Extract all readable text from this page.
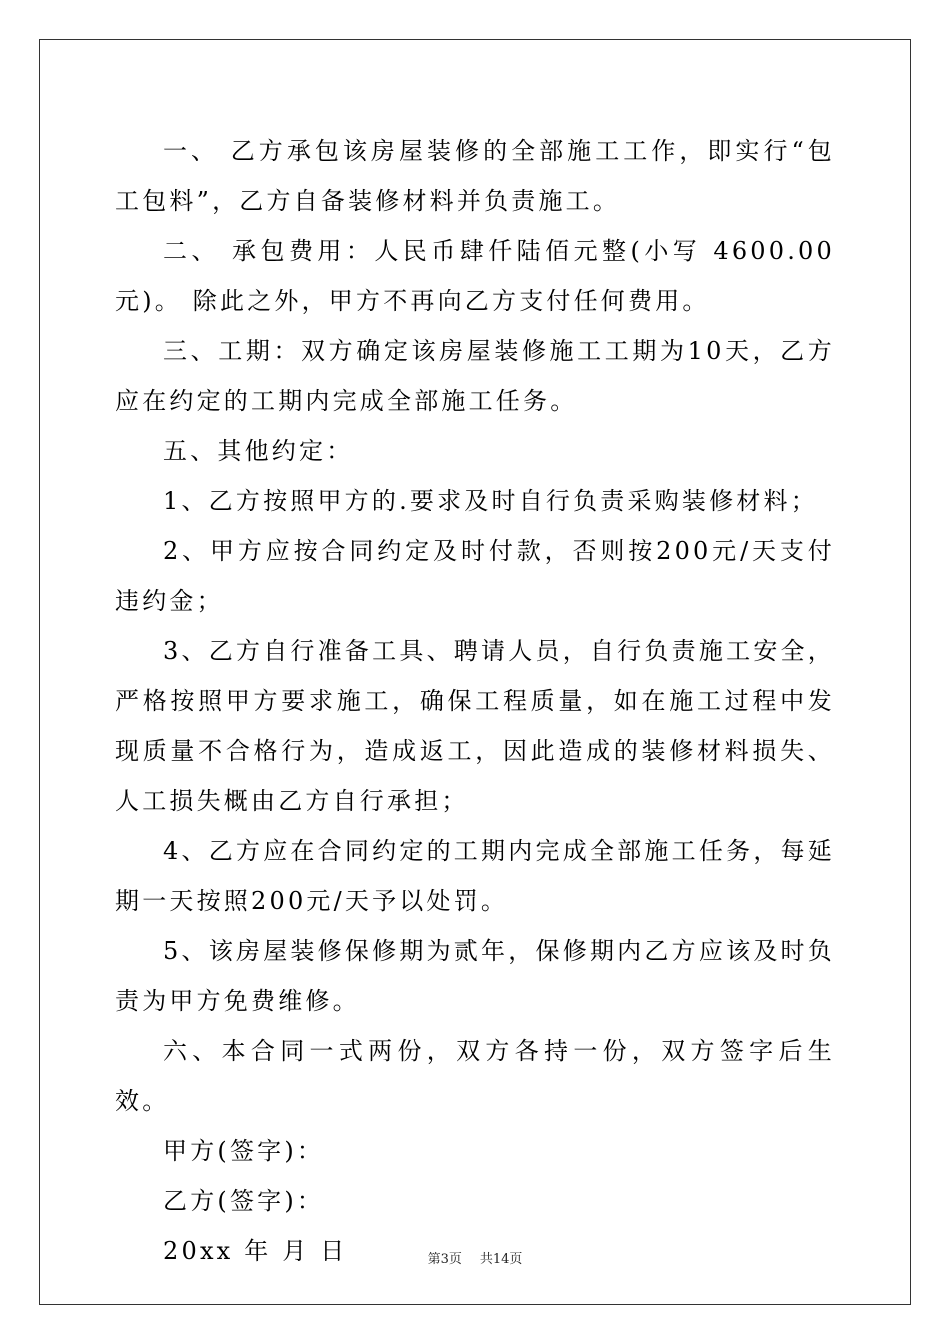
一、 乙方承包该房屋装修的全部施工工作，即实行“包工包料”，乙方自备装修材料并负责施工。

二、 承包费用：人民币肆仟陆佰元整(小写 4600.00 元)。 除此之外，甲方不再向乙方支付任何费用。

三、工期：双方确定该房屋装修施工工期为10天，乙方应在约定的工期内完成全部施工任务。

五、其他约定：

1、乙方按照甲方的.要求及时自行负责采购装修材料；

2、甲方应按合同约定及时付款，否则按200元/天支付违约金；

3、乙方自行准备工具、聘请人员，自行负责施工安全，严格按照甲方要求施工，确保工程质量，如在施工过程中发现质量不合格行为，造成返工，因此造成的装修材料损失、人工损失概由乙方自行承担；

4、乙方应在合同约定的工期内完成全部施工任务，每延期一天按照200元/天予以处罚。

5、该房屋装修保修期为贰年，保修期内乙方应该及时负责为甲方免费维修。

六、本合同一式两份，双方各持一份，双方签字后生效。

甲方(签字)：

乙方(签字)：

20xx 年 月 日	第3页 共14页
